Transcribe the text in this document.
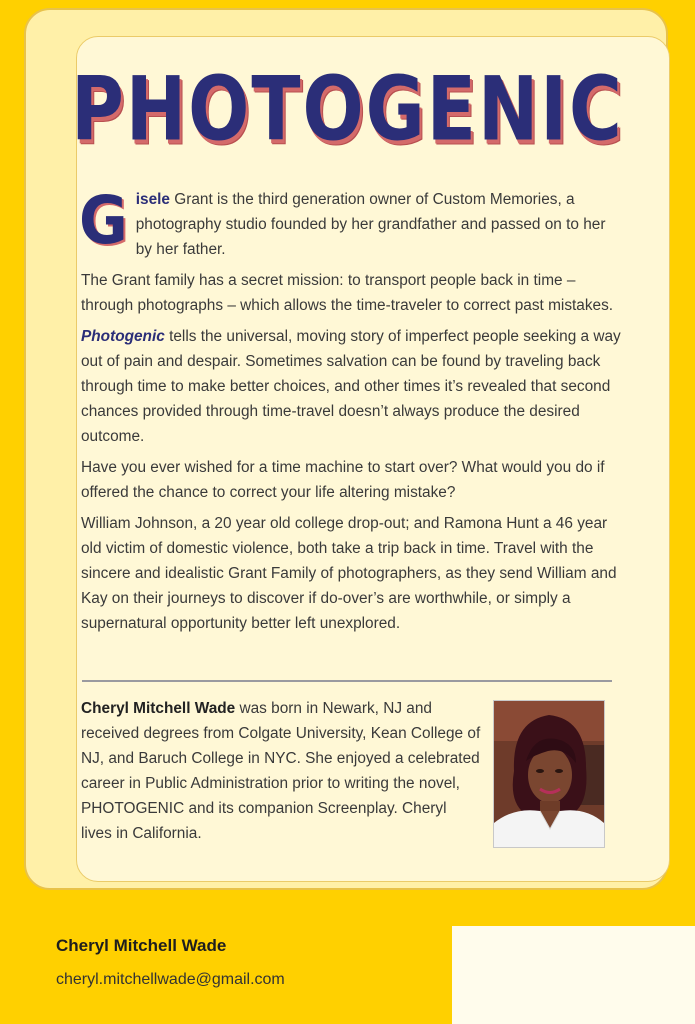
PHOTOGENIC

Gisele Grant is the third generation owner of Custom Memories, a photography studio founded by her grandfather and passed on to her by her father.

The Grant family has a secret mission: to transport people back in time – through photographs – which allows the time-traveler to correct past mistakes.

Photogenic tells the universal, moving story of imperfect people seeking a way out of pain and despair. Sometimes salvation can be found by traveling back through time to make better choices, and other times it’s revealed that second chances provided through time-travel doesn’t always produce the desired outcome.

Have you ever wished for a time machine to start over? What would you do if offered the chance to correct your life altering mistake?

William Johnson, a 20 year old college drop-out; and Ramona Hunt a 46 year old victim of domestic violence, both take a trip back in time. Travel with the sincere and idealistic Grant Family of photographers, as they send William and Kay on their journeys to discover if do-over’s are worthwhile, or simply a supernatural opportunity better left unexplored.

Cheryl Mitchell Wade was born in Newark, NJ and received degrees from Colgate University, Kean College of NJ, and Baruch College in NYC. She enjoyed a celebrated career in Public Administration prior to writing the novel, PHOTOGENIC and its companion Screenplay. Cheryl lives in California.

Cheryl Mitchell Wade
cheryl.mitchellwade@gmail.com
